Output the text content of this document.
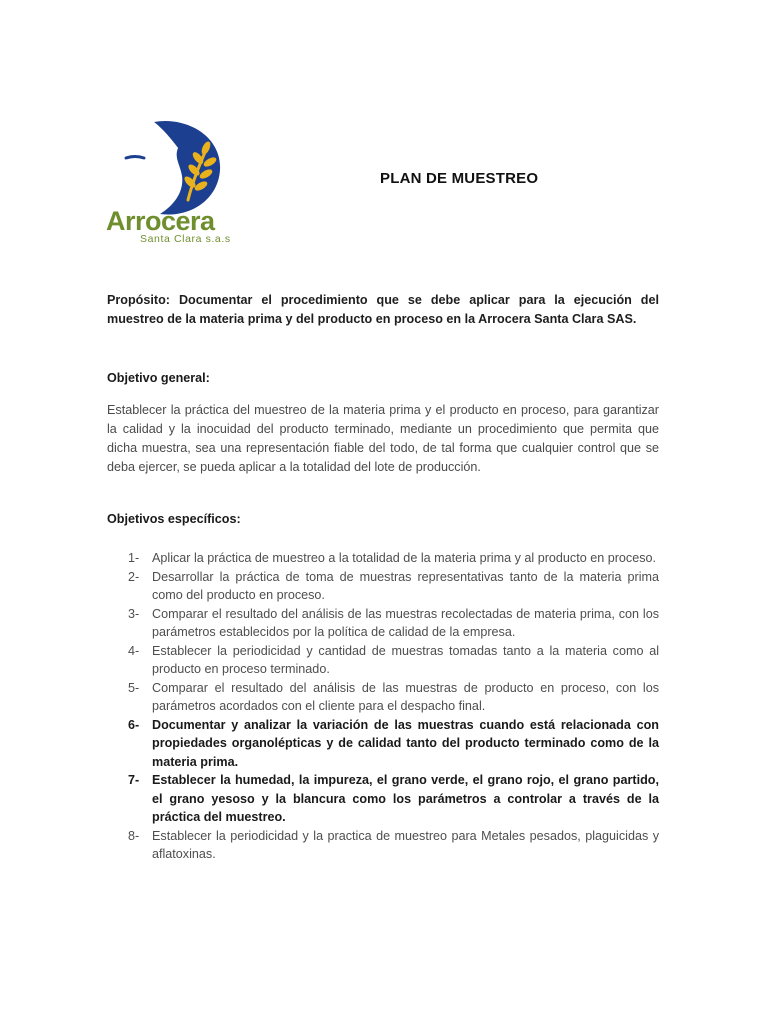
Arrocera
Santa Clara s.a.s
PLAN DE MUESTREO
Propósito: Documentar el procedimiento que se debe aplicar para la ejecución del muestreo de la materia prima y del producto en proceso en la Arrocera Santa Clara SAS.
Objetivo general:
Establecer la práctica del muestreo de la materia prima y el producto en proceso, para garantizar la calidad y la inocuidad del producto terminado, mediante un procedimiento que permita que dicha muestra, sea una representación fiable del todo, de tal forma que cualquier control que se deba ejercer, se pueda aplicar a la totalidad del lote de producción.
Objetivos específicos:
1- Aplicar la práctica de muestreo a la totalidad de la materia prima y al producto en proceso.
2- Desarrollar la práctica de toma de muestras representativas tanto de la materia prima como del producto en proceso.
3- Comparar el resultado del análisis de las muestras recolectadas de materia prima, con los parámetros establecidos por la política de calidad de la empresa.
4- Establecer la periodicidad y cantidad de muestras tomadas tanto a la materia como al producto en proceso terminado.
5- Comparar el resultado del análisis de las muestras de producto en proceso, con los parámetros acordados con el cliente para el despacho final.
6- Documentar y analizar la variación de las muestras cuando está relacionada con propiedades organolépticas y de calidad tanto del producto terminado como de la materia prima.
7- Establecer la humedad, la impureza, el grano verde, el grano rojo, el grano partido, el grano yesoso y la blancura como los parámetros a controlar a través de la práctica del muestreo.
8- Establecer la periodicidad y la practica de muestreo para Metales pesados, plaguicidas y aflatoxinas.
